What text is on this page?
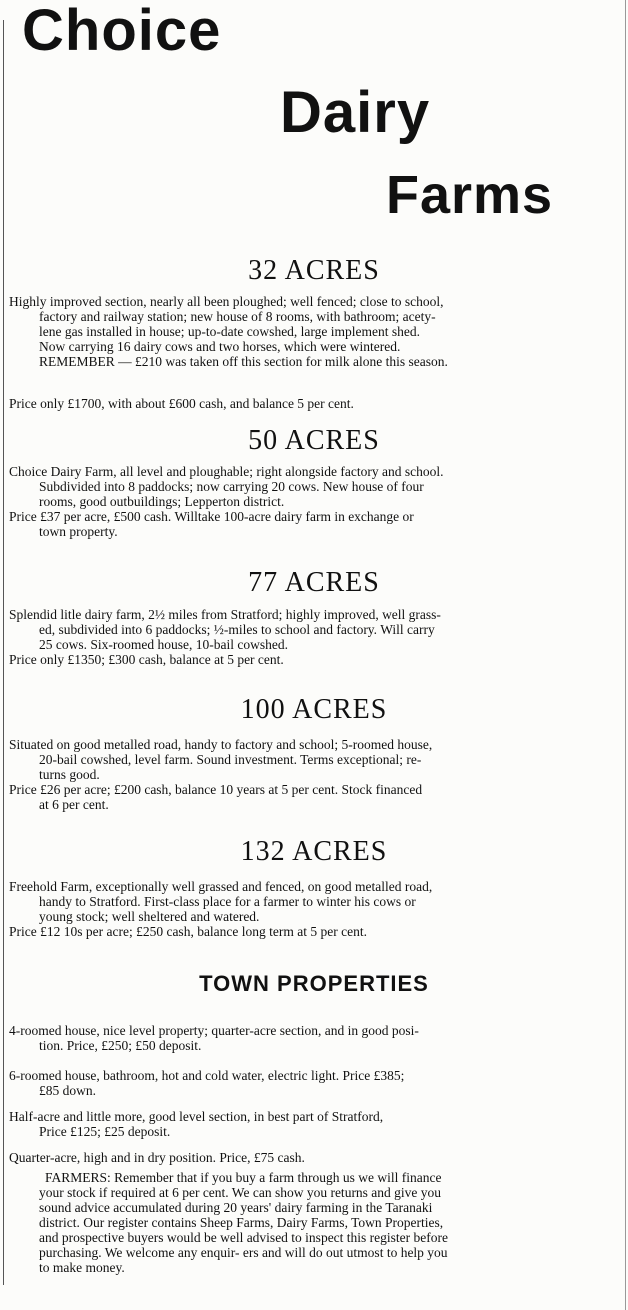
Choice
Dairy
Farms
32 ACRES
Highly improved section, nearly all been ploughed; well fenced; close to school,
factory and railway station; new house of 8 rooms, with bathroom; acety-
lene gas installed in house; up-to-date cowshed, large implement shed.
Now carrying 16 dairy cows and two horses, which were wintered.
REMEMBER — £210 was taken off this section for milk alone this season.
Price only £1700, with about £600 cash, and balance 5 per cent.
50 ACRES
Choice Dairy Farm, all level and ploughable; right alongside factory and school.
Subdivided into 8 paddocks; now carrying 20 cows. New house of four
rooms, good outbuildings; Lepperton district.
Price £37 per acre, £500 cash. Willtake 100-acre dairy farm in exchange or
town property.
77 ACRES
Splendid litle dairy farm, 2½ miles from Stratford; highly improved, well grass-
ed, subdivided into 6 paddocks; ½-miles to school and factory. Will carry
25 cows. Six-roomed house, 10-bail cowshed.
Price only £1350; £300 cash, balance at 5 per cent.
100 ACRES
Situated on good metalled road, handy to factory and school; 5-roomed house,
20-bail cowshed, level farm. Sound investment. Terms exceptional; re-
turns good.
Price £26 per acre; £200 cash, balance 10 years at 5 per cent. Stock financed
at 6 per cent.
132 ACRES
Freehold Farm, exceptionally well grassed and fenced, on good metalled road,
handy to Stratford. First-class place for a farmer to winter his cows or
young stock; well sheltered and watered.
Price £12 10s per acre; £250 cash, balance long term at 5 per cent.
TOWN PROPERTIES
4-roomed house, nice level property; quarter-acre section, and in good posi-
tion. Price, £250; £50 deposit.
6-roomed house, bathroom, hot and cold water, electric light. Price £385;
£85 down.
Half-acre and little more, good level section, in best part of Stratford,
Price £125; £25 deposit.
Quarter-acre, high and in dry position. Price, £75 cash.
FARMERS: Remember that if you buy a farm through us we will finance
your stock if required at 6 per cent. We can show you returns and give you
sound advice accumulated during 20 years' dairy farming in the Taranaki
district. Our register contains Sheep Farms, Dairy Farms, Town Properties,
and prospective buyers would be well advised to inspect this register before
purchasing. We welcome any enquir- ers and will do out utmost to help you
to make money.
